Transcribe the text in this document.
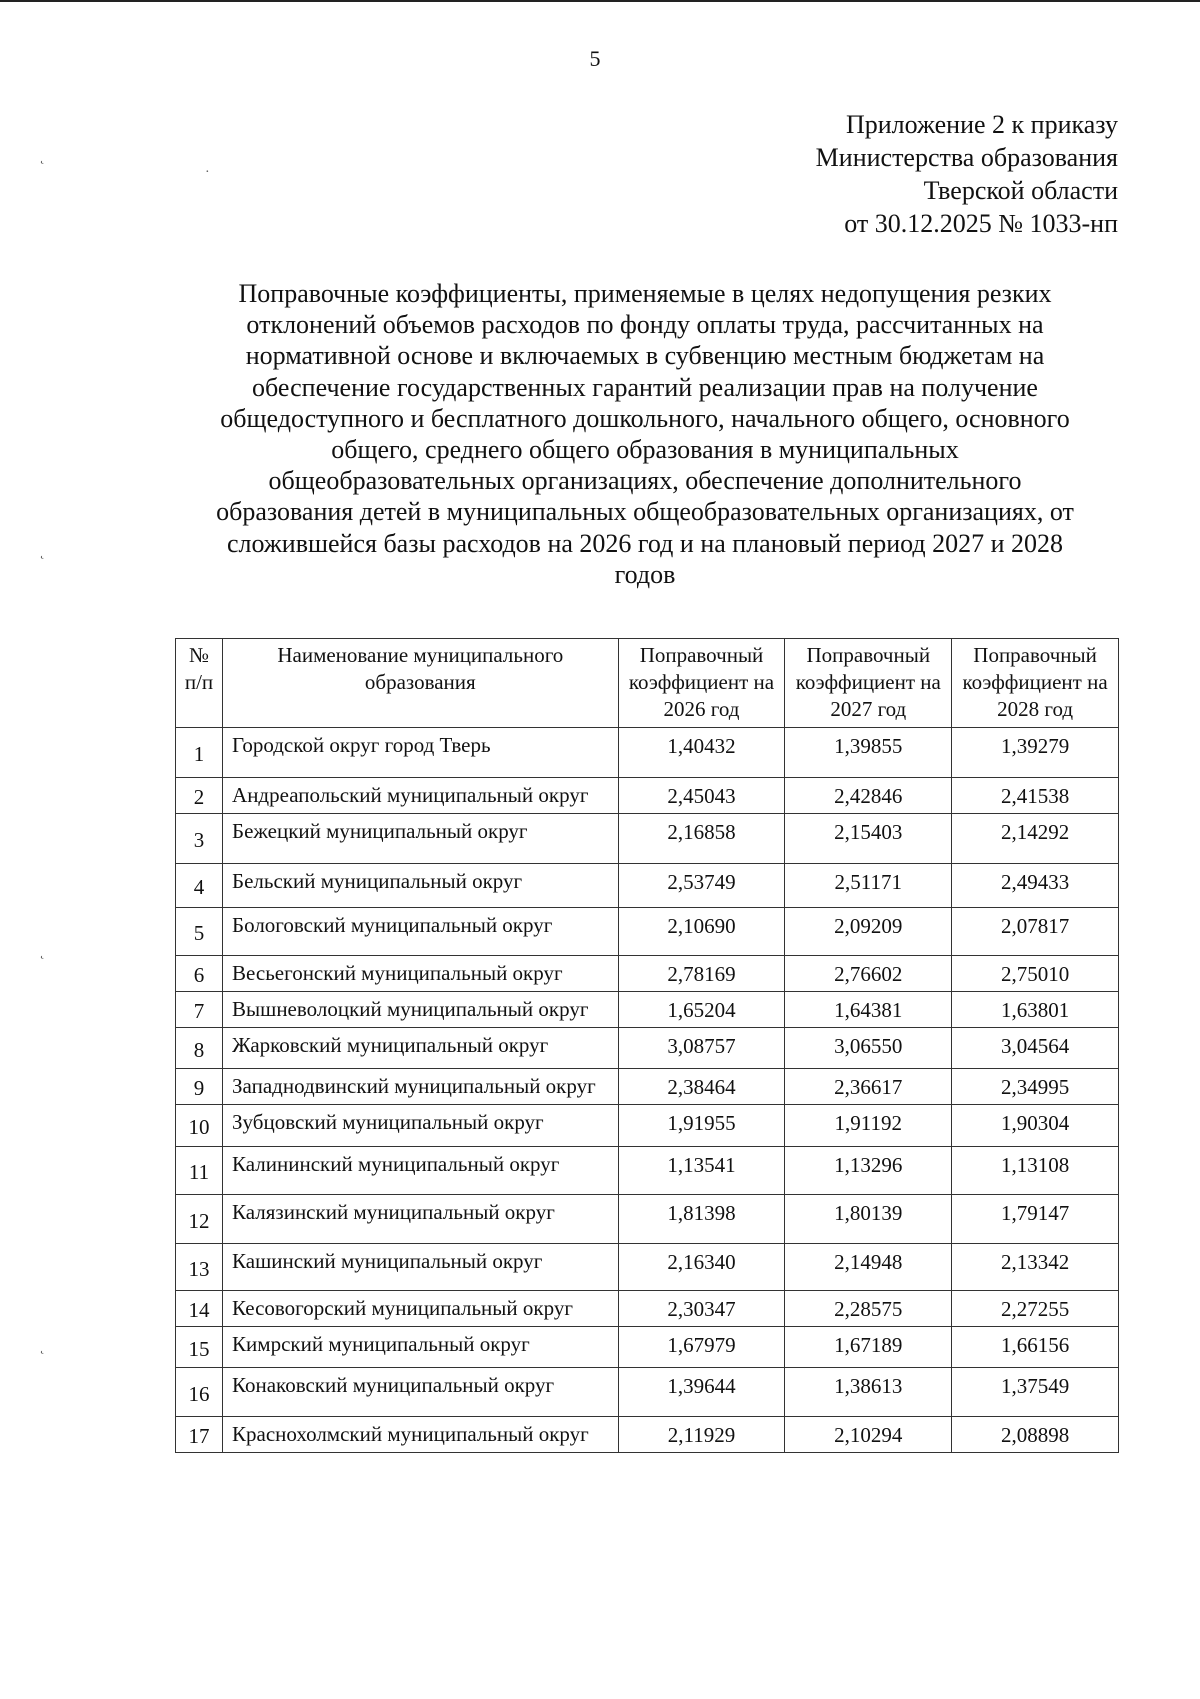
5
Приложение 2 к приказу
Министерства образования
Тверской области
от 30.12.2025 № 1033-нп
Поправочные коэффициенты, применяемые в целях недопущения резких
отклонений объемов расходов по фонду оплаты труда, рассчитанных на
нормативной основе и включаемых в субвенцию местным бюджетам на
обеспечение государственных гарантий реализации прав на получение
общедоступного и бесплатного дошкольного, начального общего, основного
общего, среднего общего образования в муниципальных
общеобразовательных организациях, обеспечение дополнительного
образования детей в муниципальных общеобразовательных организациях, от
сложившейся базы расходов на 2026 год и на плановый период 2027 и 2028
годов
№ п/п	Наименование муниципального образования	Поправочный коэффициент на 2026 год	Поправочный коэффициент на 2027 год	Поправочный коэффициент на 2028 год
1	Городской округ город Тверь	1,40432	1,39855	1,39279
2	Андреапольский муниципальный округ	2,45043	2,42846	2,41538
3	Бежецкий муниципальный округ	2,16858	2,15403	2,14292
4	Бельский муниципальный округ	2,53749	2,51171	2,49433
5	Бологовский муниципальный округ	2,10690	2,09209	2,07817
6	Весьегонский муниципальный округ	2,78169	2,76602	2,75010
7	Вышневолоцкий муниципальный округ	1,65204	1,64381	1,63801
8	Жарковский муниципальный округ	3,08757	3,06550	3,04564
9	Западнодвинский муниципальный округ	2,38464	2,36617	2,34995
10	Зубцовский муниципальный округ	1,91955	1,91192	1,90304
11	Калининский муниципальный округ	1,13541	1,13296	1,13108
12	Калязинский муниципальный округ	1,81398	1,80139	1,79147
13	Кашинский муниципальный округ	2,16340	2,14948	2,13342
14	Кесовогорский муниципальный округ	2,30347	2,28575	2,27255
15	Кимрский муниципальный округ	1,67979	1,67189	1,66156
16	Конаковский муниципальный округ	1,39644	1,38613	1,37549
17	Краснохолмский муниципальный округ	2,11929	2,10294	2,08898
˛
·
˛
˛
˛
